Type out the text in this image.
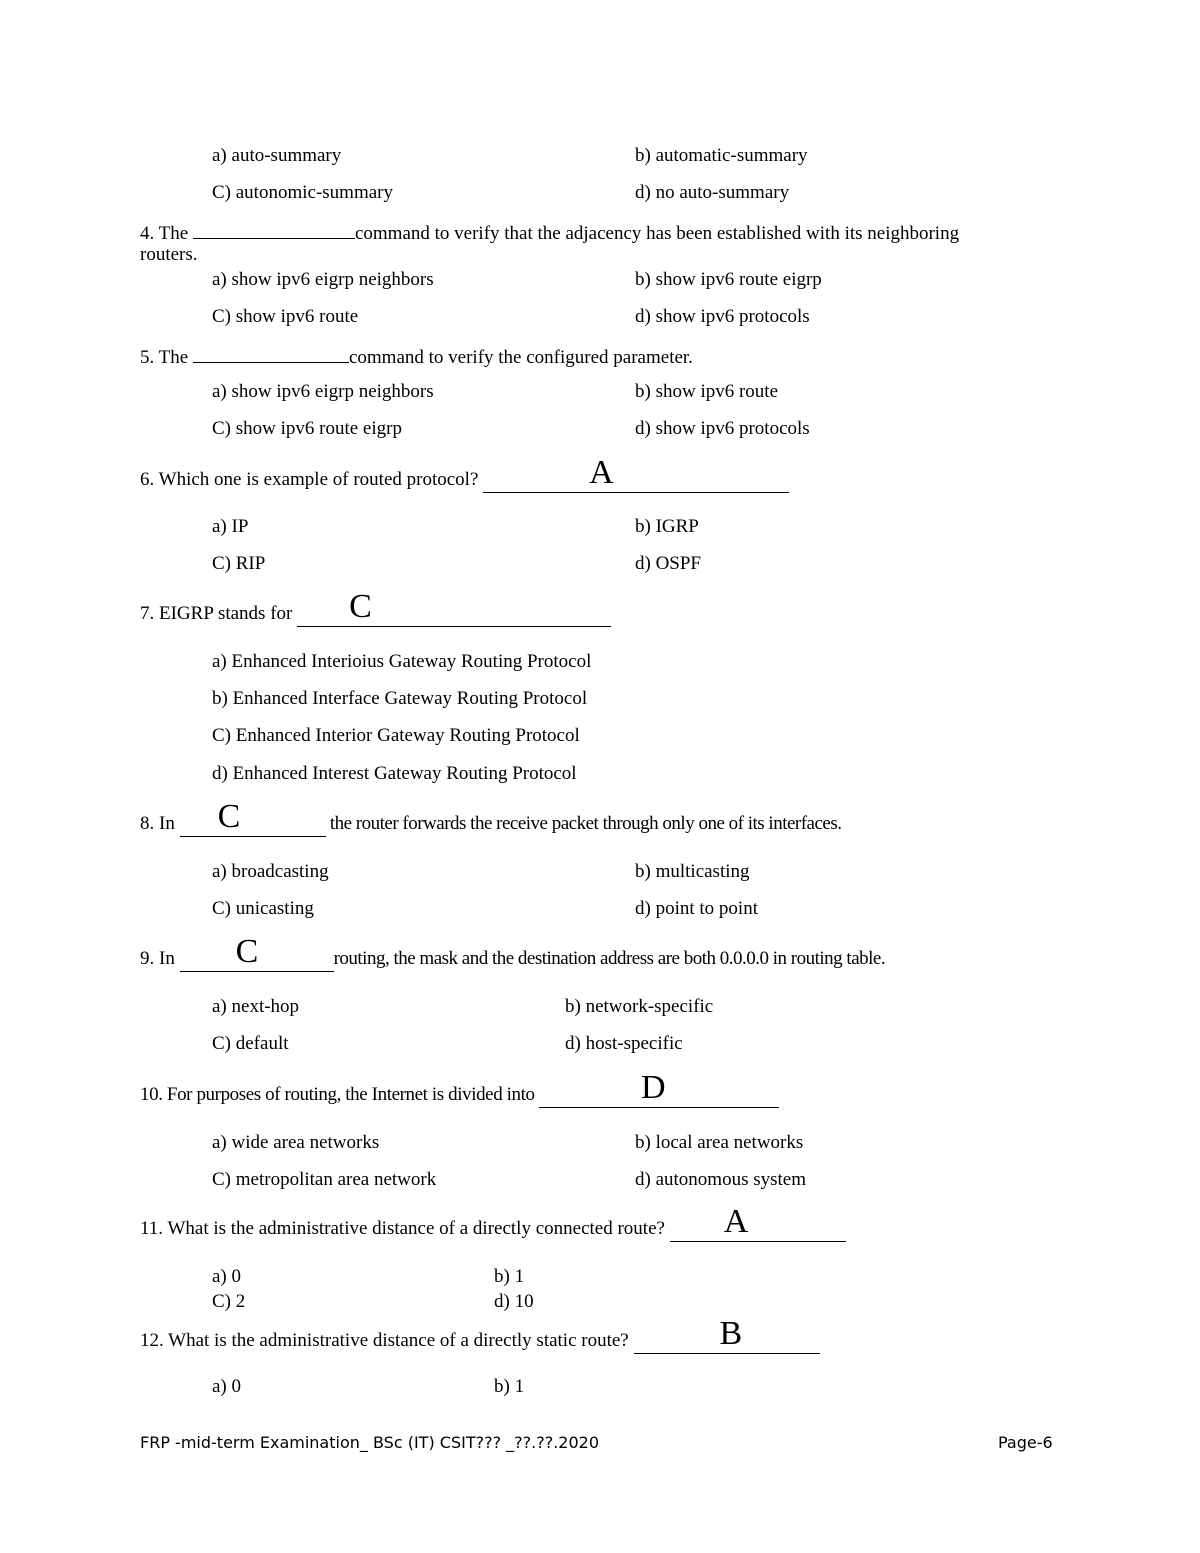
a) auto-summary	b) automatic-summary
C) autonomic-summary	d) no auto-summary
4. The	command to verify that the adjacency has been established with its neighboring
routers.
a) show ipv6 eigrp neighbors	b) show ipv6 route eigrp
C) show ipv6 route	d) show ipv6 protocols
5. The	command to verify the configured parameter.
a) show ipv6 eigrp neighbors	b) show ipv6 route
C) show ipv6 route eigrp	d) show ipv6 protocols
6. Which one is example of routed protocol?	A

a) IP	b) IGRP
C) RIP	d) OSPF
7. EIGRP stands for C

a) Enhanced Interioius Gateway Routing Protocol
b) Enhanced Interface Gateway Routing Protocol
C) Enhanced Interior Gateway Routing Protocol
d) Enhanced Interest Gateway Routing Protocol
8. In C	the router forwards the receive packet through only one of its interfaces.
a) broadcasting	b) multicasting
C) unicasting	d) point to point
9. In C	routing, the mask and the destination address are both 0.0.0.0 in routing table.
a) next-hop	b) network-specific
C) default	d) host-specific
10. For purposes of routing, the Internet is divided into	D

a) wide area networks	b) local area networks
C) metropolitan area network	d) autonomous system
11. What is the administrative distance of a directly connected route? A

a) 0	b) 1
C) 2	d) 10
12. What is the administrative distance of a directly static route?	B

a) 0	b) 1
FRP -mid-term Examination_ BSc (IT) CSIT??? _??.??.2020	Page-6
